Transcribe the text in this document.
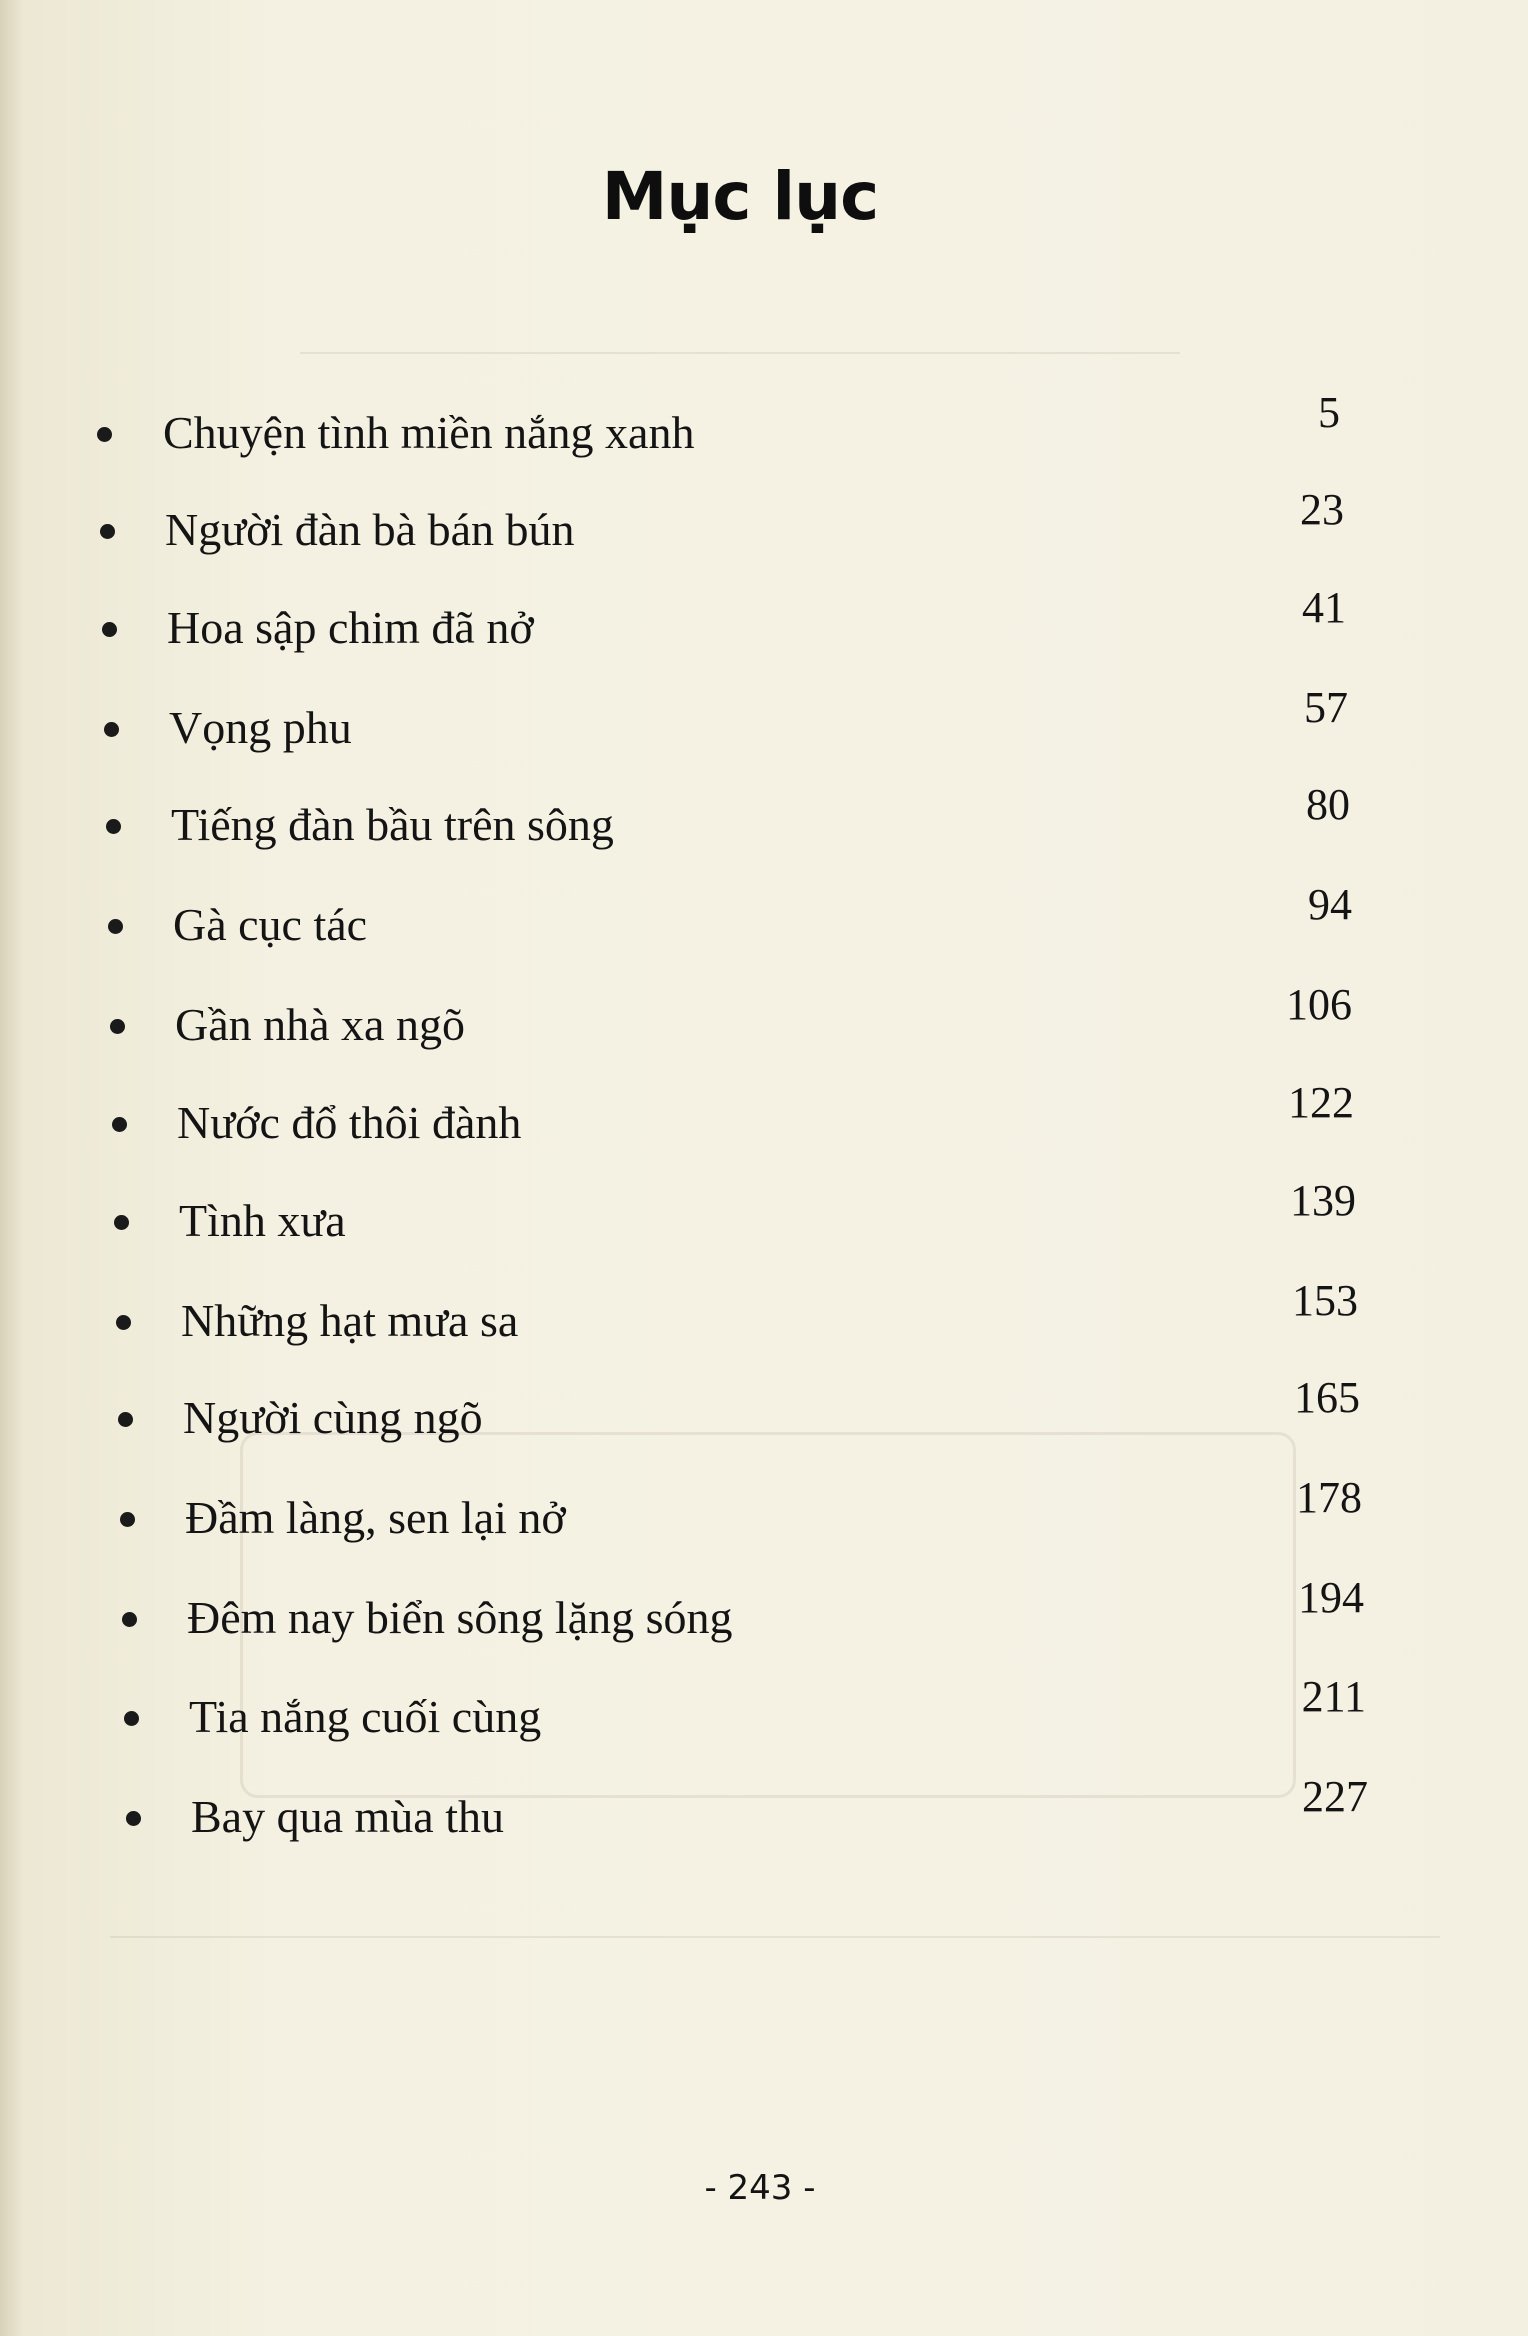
Mục lục
Chuyện tình miền nắng xanh	5
Người đàn bà bán bún	23
Hoa sập chim đã nở	41
Vọng phu	57
Tiếng đàn bầu trên sông	80
Gà cục tác	94
Gần nhà xa ngõ	106
Nước đổ thôi đành	122
Tình xưa	139
Những hạt mưa sa	153
Người cùng ngõ	165
Đầm làng, sen lại nở	178
Đêm nay biển sông lặng sóng	194
Tia nắng cuối cùng	211
Bay qua mùa thu	227
- 243 -
